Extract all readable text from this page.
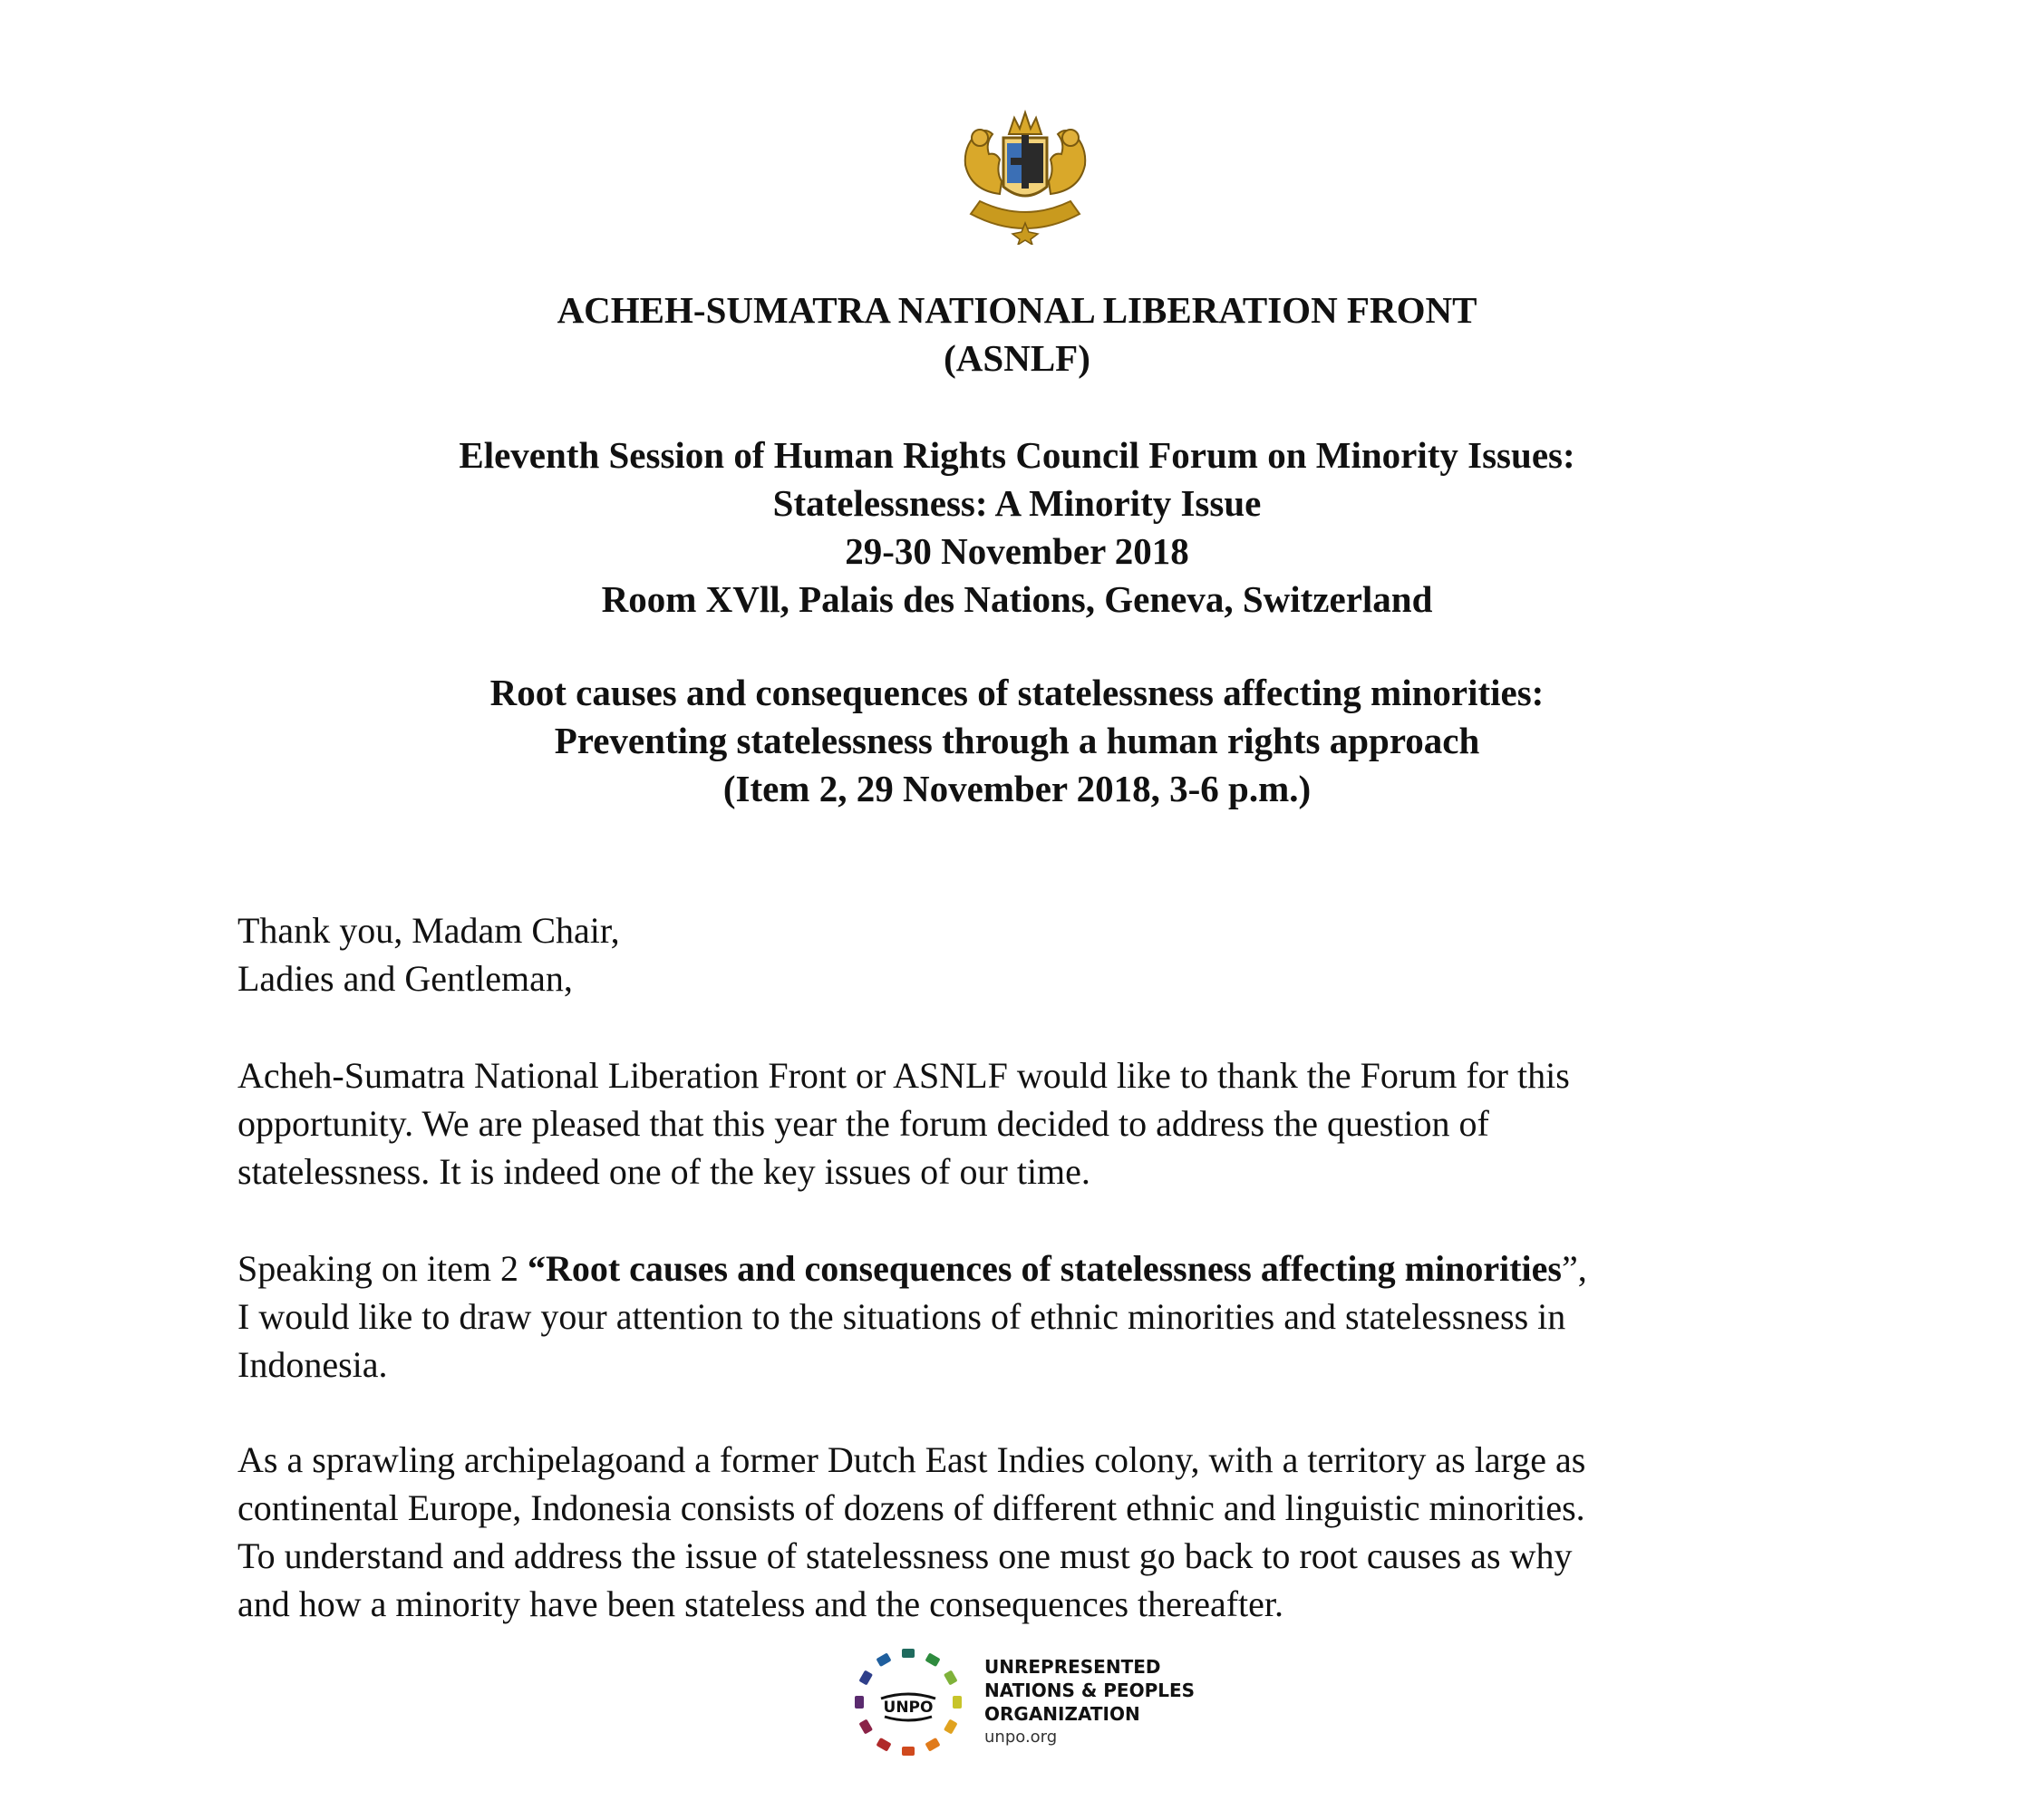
ACHEH-SUMATRA NATIONAL LIBERATION FRONT
(ASNLF)
Eleventh Session of Human Rights Council Forum on Minority Issues:
Statelessness: A Minority Issue
29-30 November 2018
Room XVll, Palais des Nations, Geneva, Switzerland
Root causes and consequences of statelessness affecting minorities:
Preventing statelessness through a human rights approach
(Item 2, 29 November 2018, 3-6 p.m.)

Thank you, Madam Chair,
Ladies and Gentleman,

Acheh-Sumatra National Liberation Front or ASNLF would like to thank the Forum for this
opportunity. We are pleased that this year the forum decided to address the question of
statelessness. It is indeed one of the key issues of our time.

Speaking on item 2 “Root causes and consequences of statelessness affecting minorities”,
I would like to draw your attention to the situations of ethnic minorities and statelessness in
Indonesia.

As a sprawling archipelagoand a former Dutch East Indies colony, with a territory as large as
continental Europe, Indonesia consists of dozens of different ethnic and linguistic minorities.
To understand and address the issue of statelessness one must go back to root causes as why
and how a minority have been stateless and the consequences thereafter.

UNPO
UNREPRESENTED
NATIONS & PEOPLES
ORGANIZATION
unpo.org
